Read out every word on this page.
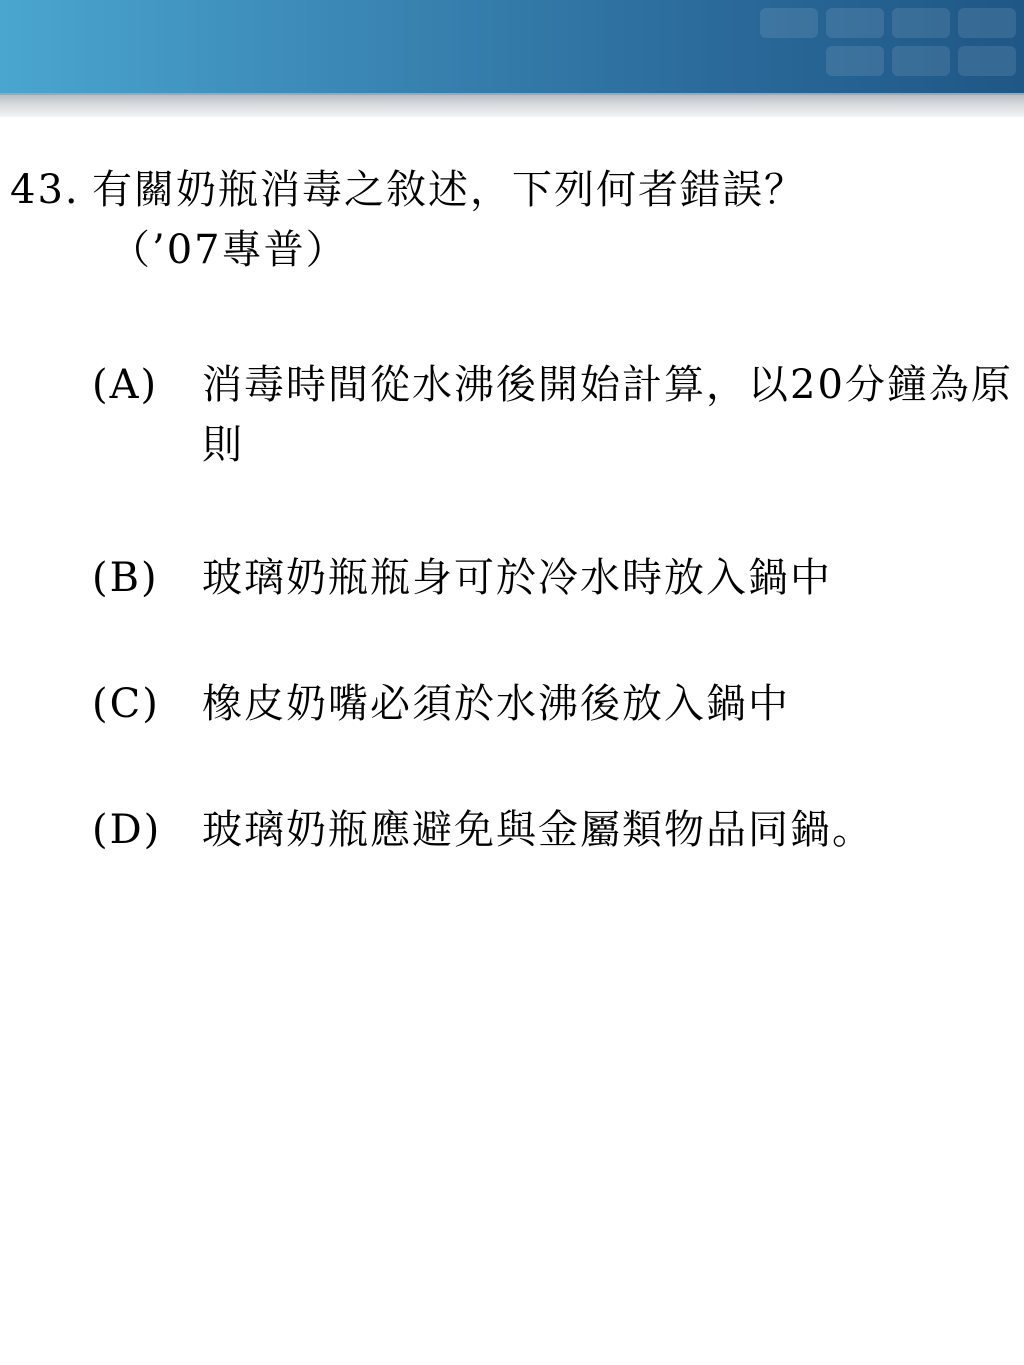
43. 有關奶瓶消毒之敘述，下列何者錯誤？
（’07專普）
(A)	消毒時間從水沸後開始計算，以20分鐘為原則
(B)	玻璃奶瓶瓶身可於冷水時放入鍋中
(C)	橡皮奶嘴必須於水沸後放入鍋中
(D)	玻璃奶瓶應避免與金屬類物品同鍋。
